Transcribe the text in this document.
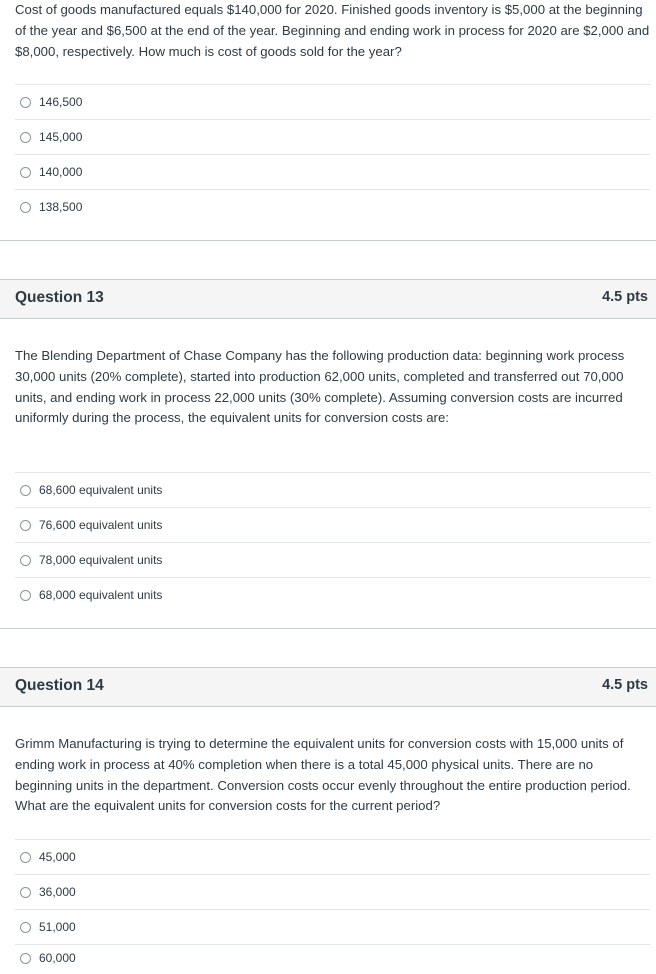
Cost of goods manufactured equals $140,000 for 2020. Finished goods inventory is $5,000 at the beginning of the year and $6,500 at the end of the year. Beginning and ending work in process for 2020 are $2,000 and $8,000, respectively. How much is cost of goods sold for the year?
146,500
145,000
140,000
138,500
Question 13	4.5 pts
The Blending Department of Chase Company has the following production data: beginning work process 30,000 units (20% complete), started into production 62,000 units, completed and transferred out 70,000 units, and ending work in process 22,000 units (30% complete). Assuming conversion costs are incurred uniformly during the process, the equivalent units for conversion costs are:
68,600 equivalent units
76,600 equivalent units
78,000 equivalent units
68,000 equivalent units
Question 14	4.5 pts
Grimm Manufacturing is trying to determine the equivalent units for conversion costs with 15,000 units of ending work in process at 40% completion when there is a total 45,000 physical units. There are no beginning units in the department. Conversion costs occur evenly throughout the entire production period. What are the equivalent units for conversion costs for the current period?
45,000
36,000
51,000
60,000
